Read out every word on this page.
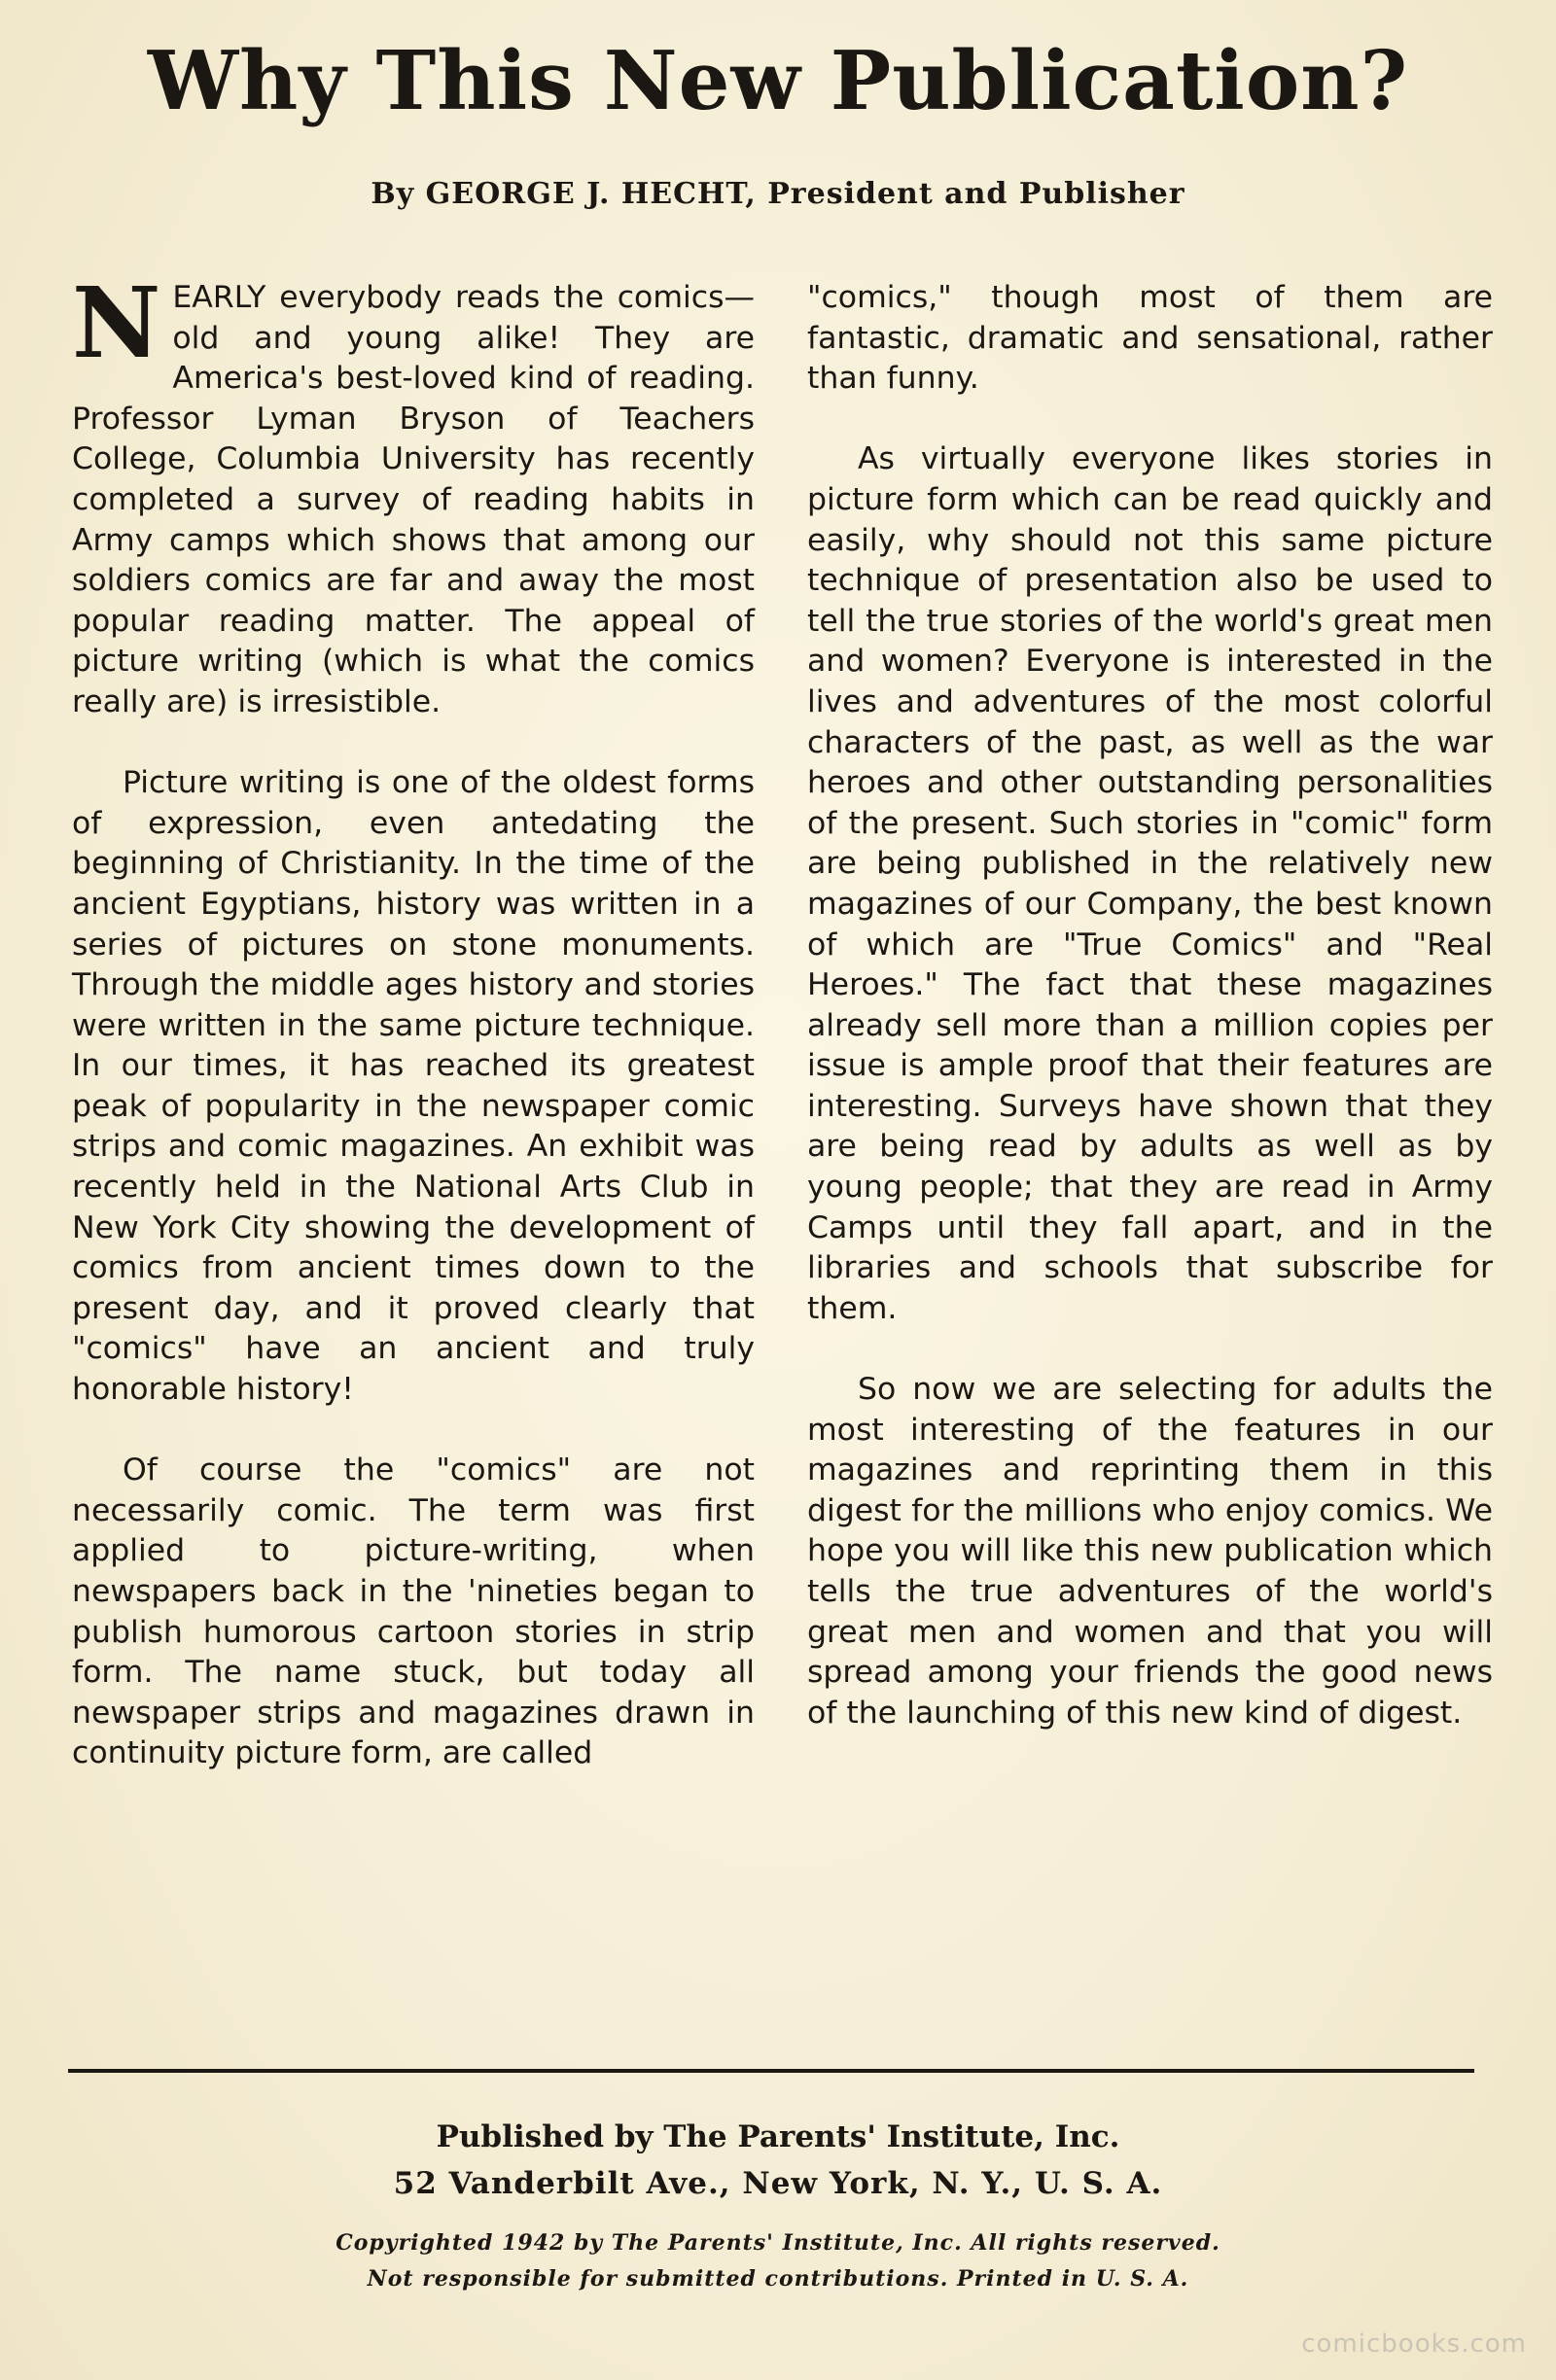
Why This New Publication?

By GEORGE J. HECHT, President and Publisher

NEARLY everybody reads the comics—old and young alike! They are America's best-loved kind of reading. Professor Lyman Bryson of Teachers College, Columbia University has recently completed a survey of reading habits in Army camps which shows that among our soldiers comics are far and away the most popular reading matter. The appeal of picture writing (which is what the comics really are) is irresistible.

Picture writing is one of the oldest forms of expression, even antedating the beginning of Christianity. In the time of the ancient Egyptians, history was written in a series of pictures on stone monuments. Through the middle ages history and stories were written in the same picture technique. In our times, it has reached its greatest peak of popularity in the newspaper comic strips and comic magazines. An exhibit was recently held in the National Arts Club in New York City showing the development of comics from ancient times down to the present day, and it proved clearly that "comics" have an ancient and truly honorable history!

Of course the "comics" are not necessarily comic. The term was first applied to picture-writing, when newspapers back in the 'nineties began to publish humorous cartoon stories in strip form. The name stuck, but today all newspaper strips and magazines drawn in continuity picture form, are called

"comics," though most of them are fantastic, dramatic and sensational, rather than funny.

As virtually everyone likes stories in picture form which can be read quickly and easily, why should not this same picture technique of presentation also be used to tell the true stories of the world's great men and women? Everyone is interested in the lives and adventures of the most colorful characters of the past, as well as the war heroes and other outstanding personalities of the present. Such stories in "comic" form are being published in the relatively new magazines of our Company, the best known of which are "True Comics" and "Real Heroes." The fact that these magazines already sell more than a million copies per issue is ample proof that their features are interesting. Surveys have shown that they are being read by adults as well as by young people; that they are read in Army Camps until they fall apart, and in the libraries and schools that subscribe for them.

So now we are selecting for adults the most interesting of the features in our magazines and reprinting them in this digest for the millions who enjoy comics. We hope you will like this new publication which tells the true adventures of the world's great men and women and that you will spread among your friends the good news of the launching of this new kind of digest.

Published by The Parents' Institute, Inc.

52 Vanderbilt Ave., New York, N. Y., U. S. A.

Copyrighted 1942 by The Parents' Institute, Inc. All rights reserved.

Not responsible for submitted contributions. Printed in U. S. A.

comicbooks.com
